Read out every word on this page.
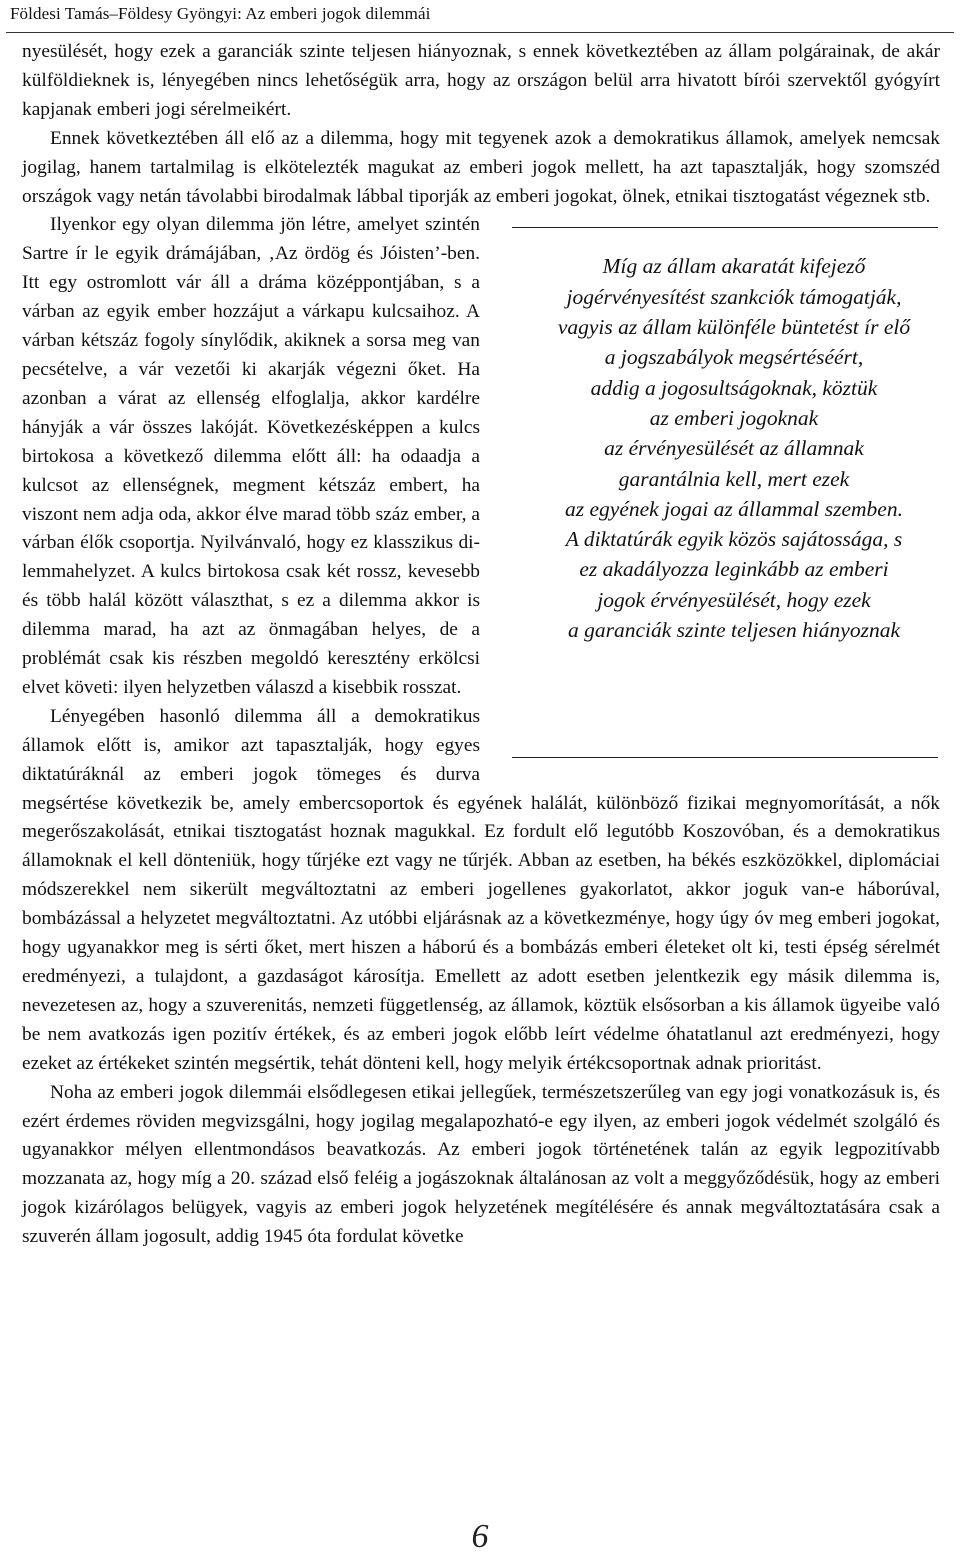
Földesi Tamás–Földesy Gyöngyi: Az emberi jogok dilemmái

nyesülését, hogy ezek a garanciák szinte teljesen hiányoznak, s ennek következtében az állam polgárainak, de akár külföldieknek is, lényegében nincs lehetőségük arra, hogy az országon belül arra hivatott bírói szervektől gyógyírt kapjanak emberi jogi sérelmeikért.

Ennek következtében áll elő az a dilemma, hogy mit tegyenek azok a demokratikus államok, amelyek nemcsak jogilag, hanem tartalmilag is elkötelezték magukat az emberi jogok mellett, ha azt tapasztalják, hogy szomszéd országok vagy netán távolabbi birodalmak lábbal tiporják az emberi jogokat, ölnek, etnikai tisztogatást végeznek stb.

Míg az állam akaratát kifejező
jogérvényesítést szankciók támogatják,
vagyis az állam különféle büntetést ír elő
a jogszabályok megsértéséért,
addig a jogosultságoknak, köztük
az emberi jogoknak
az érvényesülését az államnak
garantálnia kell, mert ezek
az egyének jogai az állammal szemben.
A diktatúrák egyik közös sajátossága, s
ez akadályozza leginkább az emberi
jogok érvényesülését, hogy ezek
a garanciák szinte teljesen hiányoznak
Ilyenkor egy olyan dilemma jön létre, amelyet szintén Sartre ír le egyik drámájában, ‚Az ördög és Jóisten’-ben. Itt egy ostromlott vár áll a dráma középpontjában, s a várban az egyik ember hozzájut a várkapu kulcsaihoz. A várban kétszáz fogoly sínylődik, akiknek a sorsa meg van pecsételve, a vár vezetői ki akarják végezni őket. Ha azonban a várat az ellenség elfoglalja, akkor kardélre hányják a vár összes lakóját. Következésképpen a kulcs birtokosa a következő dilemma előtt áll: ha odaadja a kulcsot az ellenségnek, megment kétszáz embert, ha viszont nem adja oda, akkor élve marad több száz ember, a várban élők csoportja. Nyilvánvaló, hogy ez klasszikus dilemmahelyzet. A kulcs birtokosa csak két rossz, kevesebb és több halál között választhat, s ez a dilemma akkor is dilemma marad, ha azt az önmagában helyes, de a problémát csak kis részben megoldó keresztény erkölcsi elvet követi: ilyen helyzetben válaszd a kisebbik rosszat.

Lényegében hasonló dilemma áll a demokratikus államok előtt is, amikor azt tapasztalják, hogy egyes diktatúráknál az emberi jogok tömeges és durva megsértése következik be, amely embercsoportok és egyének halálát, különböző fizikai megnyomorítását, a nők megerőszakolását, etnikai tisztogatást hoznak magukkal. Ez fordult elő legutóbb Koszovóban, és a demokratikus államoknak el kell dönteniük, hogy tűrjéke ezt vagy ne tűrjék. Abban az esetben, ha békés eszközökkel, diplomáciai módszerekkel nem sikerült megváltoztatni az emberi jogellenes gyakorlatot, akkor joguk van-e háborúval, bombázással a helyzetet megváltoztatni. Az utóbbi eljárásnak az a következménye, hogy úgy óv meg emberi jogokat, hogy ugyanakkor meg is sérti őket, mert hiszen a háború és a bombázás emberi életeket olt ki, testi épség sérelmét eredményezi, a tulajdont, a gazdaságot károsítja. Emellett az adott esetben jelentkezik egy másik dilemma is, nevezetesen az, hogy a szuverenitás, nemzeti függetlenség, az államok, köztük elsősorban a kis államok ügyeibe való be nem avatkozás igen pozitív értékek, és az emberi jogok előbb leírt védelme óhatatlanul azt eredményezi, hogy ezeket az értékeket szintén megsértik, tehát dönteni kell, hogy melyik értékcsoportnak adnak prioritást.

Noha az emberi jogok dilemmái elsődlegesen etikai jellegűek, természetszerűleg van egy jogi vonatkozásuk is, és ezért érdemes röviden megvizsgálni, hogy jogilag megalapozható-e egy ilyen, az emberi jogok védelmét szolgáló és ugyanakkor mélyen ellentmondásos beavatkozás. Az emberi jogok történetének talán az egyik legpozitívabb mozzanata az, hogy míg a 20. század első feléig a jogászoknak általánosan az volt a meggyőződésük, hogy az emberi jogok kizárólagos belügyek, vagyis az emberi jogok helyzetének megítélésére és annak megváltoztatására csak a szuverén állam jogosult, addig 1945 óta fordulat követke

6
